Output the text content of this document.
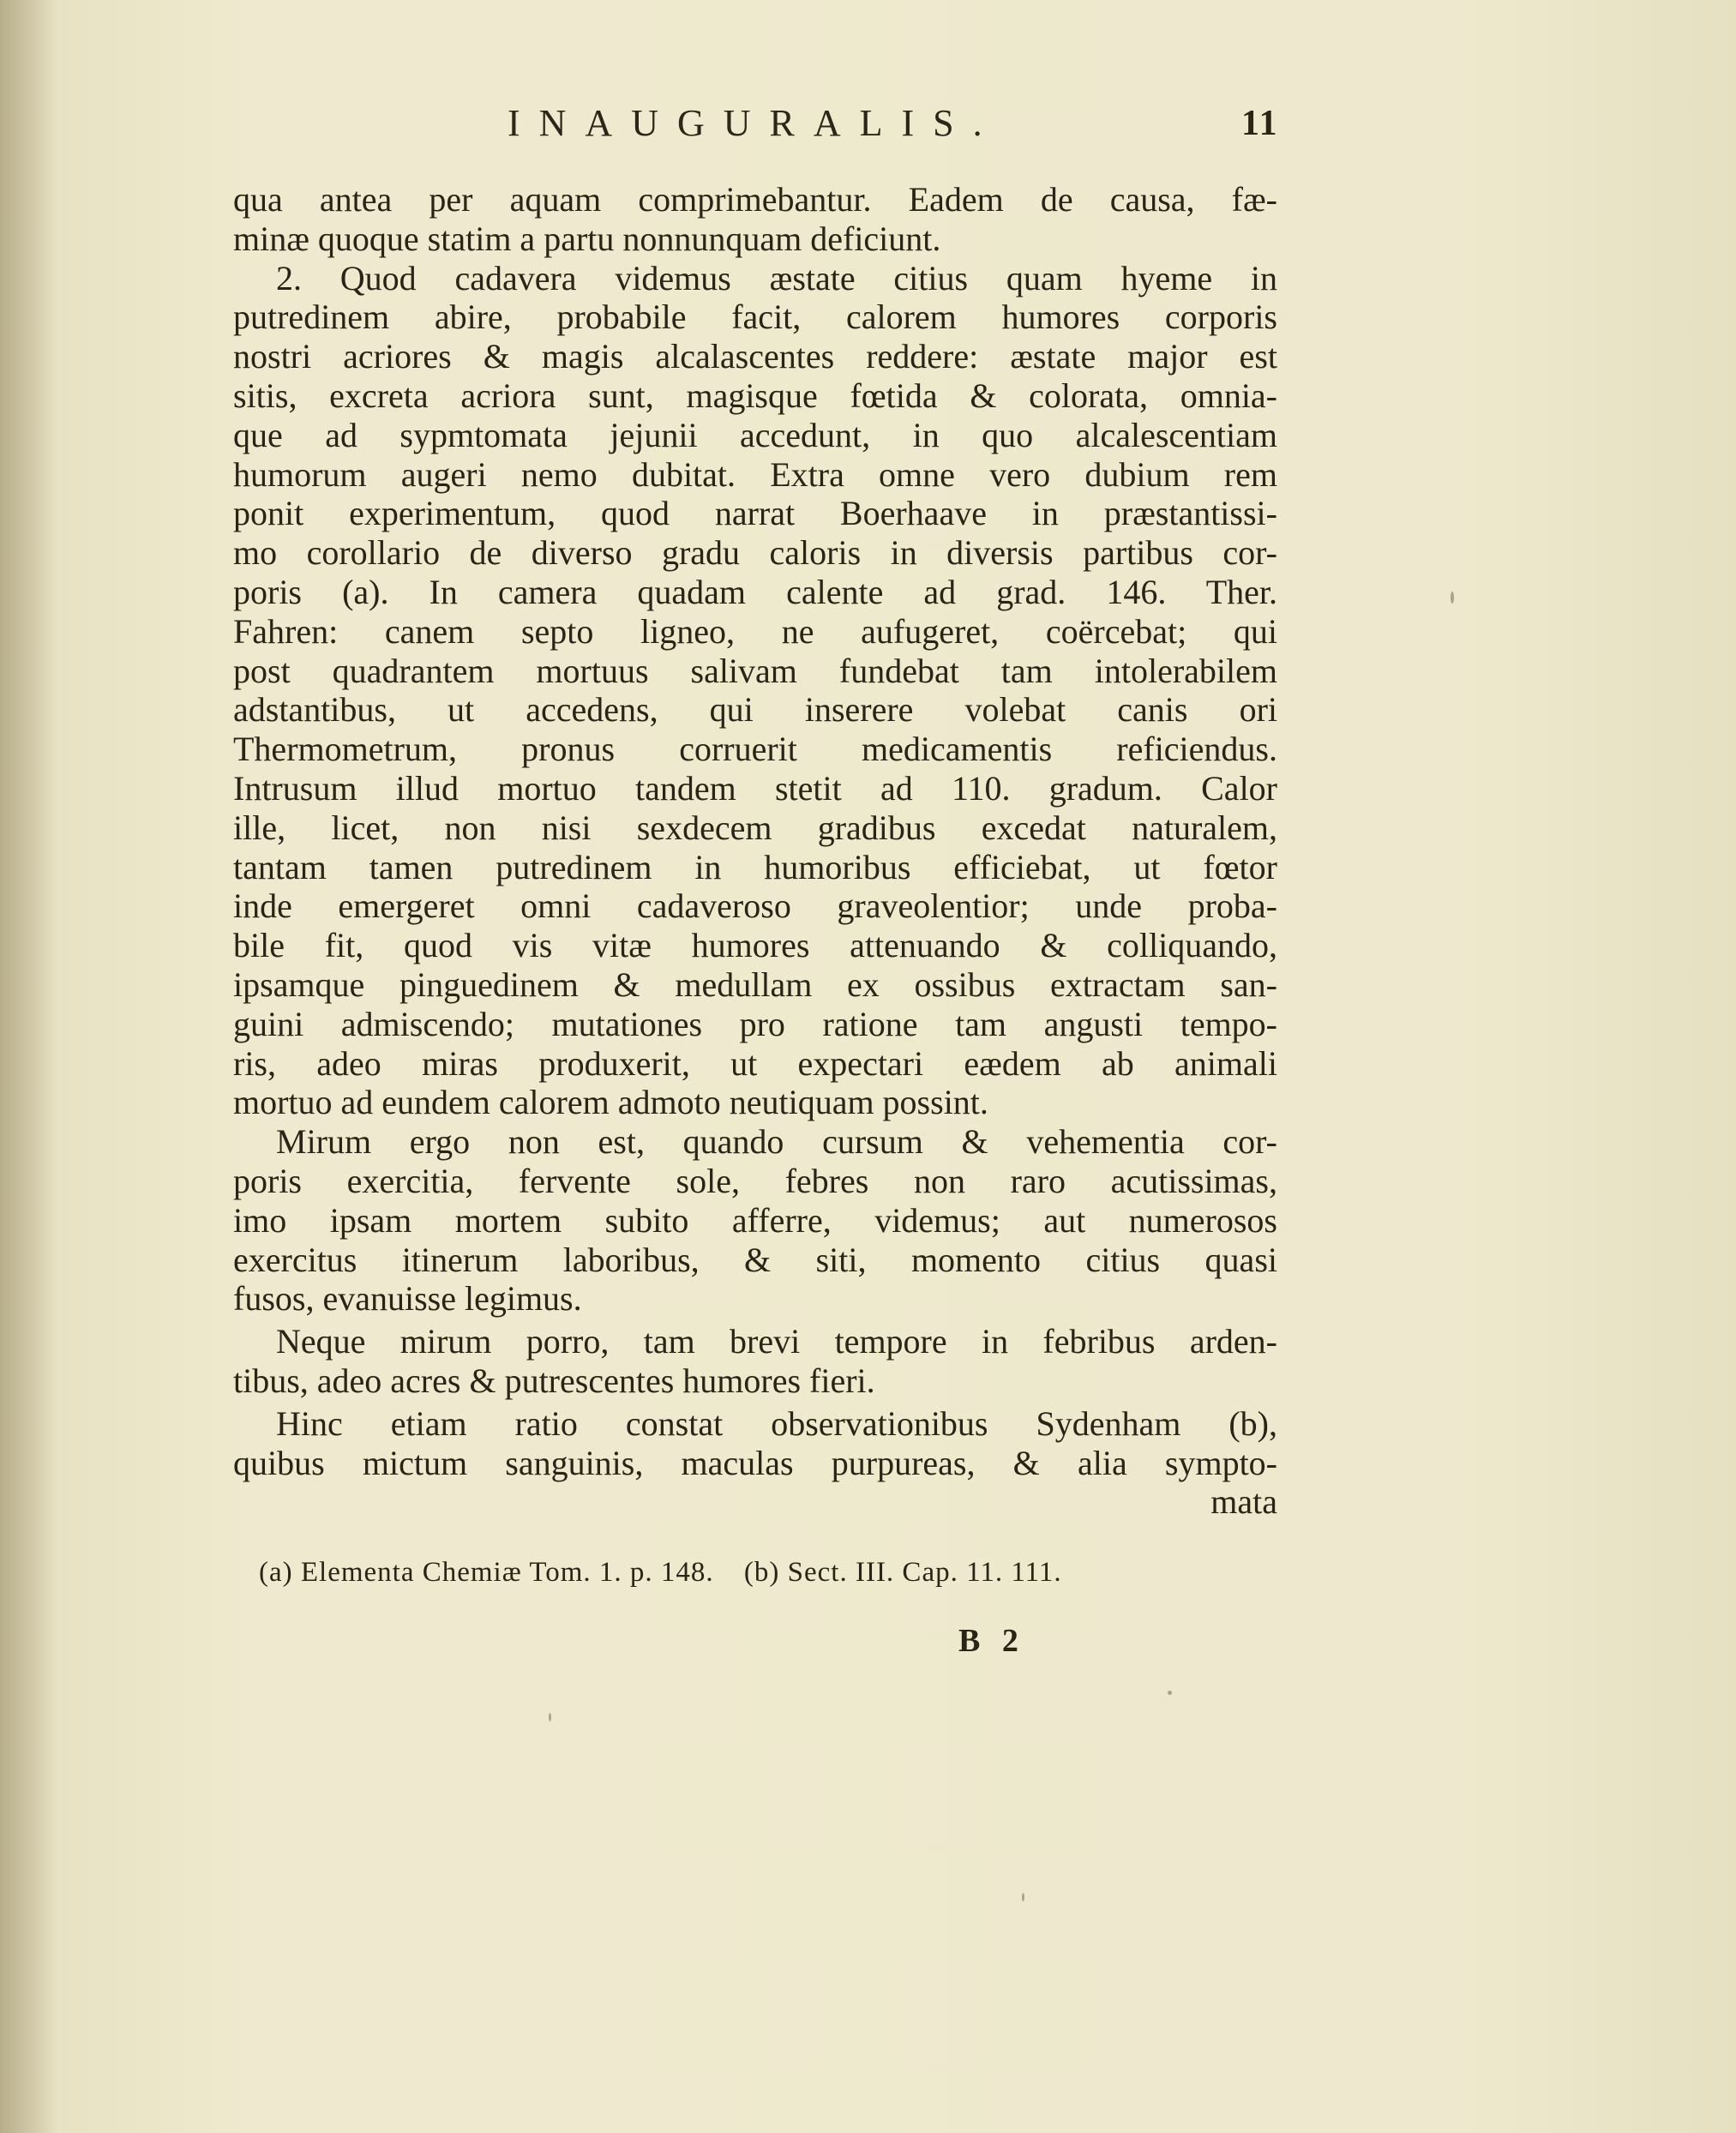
INAUGURALIS.	11
qua antea per aquam comprimebantur. Eadem de causa, fæ-
minæ quoque statim a partu nonnunquam deficiunt.
2. Quod cadavera videmus æstate citius quam hyeme in
putredinem abire, probabile facit, calorem humores corporis
nostri acriores & magis alcalascentes reddere: æstate major est
sitis, excreta acriora sunt, magisque fœtida & colorata, omnia-
que ad sypmtomata jejunii accedunt, in quo alcalescentiam
humorum augeri nemo dubitat. Extra omne vero dubium rem
ponit experimentum, quod narrat Boerhaave in præstantissi-
mo corollario de diverso gradu caloris in diversis partibus cor-
poris (a). In camera quadam calente ad grad. 146. Ther.
Fahren: canem septo ligneo, ne aufugeret, coërcebat; qui
post quadrantem mortuus salivam fundebat tam intolerabilem
adstantibus, ut accedens, qui inserere volebat canis ori
Thermometrum, pronus corruerit medicamentis reficiendus.
Intrusum illud mortuo tandem stetit ad 110. gradum. Calor
ille, licet, non nisi sexdecem gradibus excedat naturalem,
tantam tamen putredinem in humoribus efficiebat, ut fœtor
inde emergeret omni cadaveroso graveolentior; unde proba-
bile fit, quod vis vitæ humores attenuando & colliquando,
ipsamque pinguedinem & medullam ex ossibus extractam san-
guini admiscendo; mutationes pro ratione tam angusti tempo-
ris, adeo miras produxerit, ut expectari eædem ab animali
mortuo ad eundem calorem admoto neutiquam possint.
Mirum ergo non est, quando cursum & vehementia cor-
poris exercitia, fervente sole, febres non raro acutissimas,
imo ipsam mortem subito afferre, videmus; aut numerosos
exercitus itinerum laboribus, & siti, momento citius quasi
fusos, evanuisse legimus.
Neque mirum porro, tam brevi tempore in febribus arden-
tibus, adeo acres & putrescentes humores fieri.
Hinc etiam ratio constat observationibus Sydenham (b),
quibus mictum sanguinis, maculas purpureas, & alia sympto-
mata
(a) Elementa Chemiæ Tom. 1. p. 148. (b) Sect. III. Cap. 11. 111.
B 2
